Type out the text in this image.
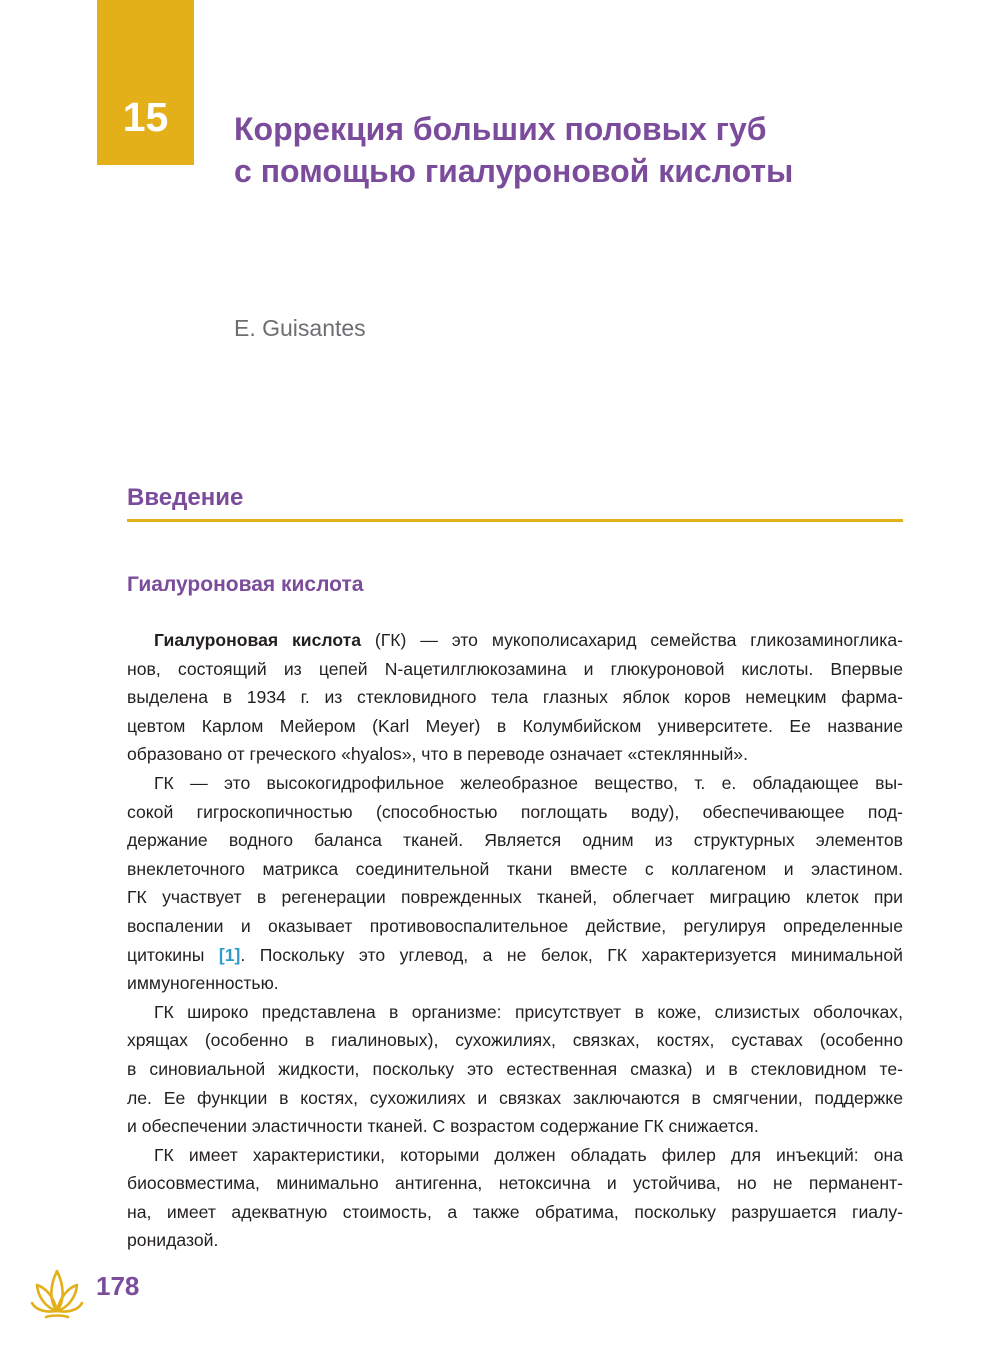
15	Коррекция больших половых губ
с помощью гиалуроновой кислоты
E. Guisantes
Введение
Гиалуроновая кислота
Гиалуроновая кислота (ГК) — это мукополисахарид семейства гликозаминоглика-
нов, состоящий из цепей N-ацетилглюкозамина и глюкуроновой кислоты. Впервые
выделена в 1934 г. из стекловидного тела глазных яблок коров немецким фарма-
цевтом Карлом Мейером (Karl Meyer) в Колумбийском университете. Ее название
образовано от греческого «hyalos», что в переводе означает «стеклянный».
ГК — это высокогидрофильное желеобразное вещество, т. е. обладающее вы-
сокой гигроскопичностью (способностью поглощать воду), обеспечивающее под-
держание водного баланса тканей. Является одним из структурных элементов
внеклеточного матрикса соединительной ткани вместе с коллагеном и эластином.
ГК участвует в регенерации поврежденных тканей, облегчает миграцию клеток при
воспалении и оказывает противовоспалительное действие, регулируя определенные
цитокины [1]. Поскольку это углевод, а не белок, ГК характеризуется минимальной
иммуногенностью.
ГК широко представлена в организме: присутствует в коже, слизистых оболочках,
хрящах (особенно в гиалиновых), сухожилиях, связках, костях, суставах (особенно
в синовиальной жидкости, поскольку это естественная смазка) и в стекловидном те-
ле. Ее функции в костях, сухожилиях и связках заключаются в смягчении, поддержке
и обеспечении эластичности тканей. С возрастом содержание ГК снижается.
ГК имеет характеристики, которыми должен обладать филер для инъекций: она
биосовместима, минимально антигенна, нетоксична и устойчива, но не перманент-
на, имеет адекватную стоимость, а также обратима, поскольку разрушается гиалу-
ронидазой.
178
